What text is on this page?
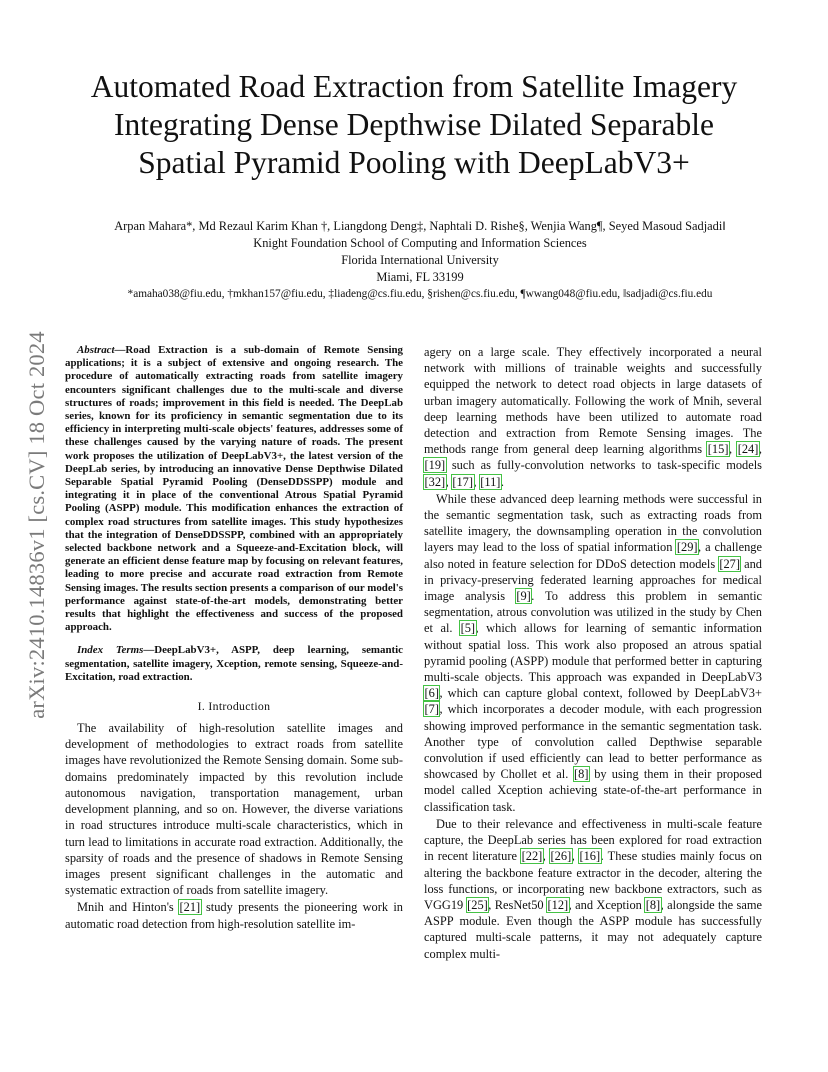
arXiv:2410.14836v1 [cs.CV] 18 Oct 2024
Automated Road Extraction from Satellite Imagery
Integrating Dense Depthwise Dilated Separable
Spatial Pyramid Pooling with DeepLabV3+
Arpan Mahara*, Md Rezaul Karim Khan †, Liangdong Deng‡, Naphtali D. Rishe§, Wenjia Wang¶, Seyed Masoud Sadjadi‖
Knight Foundation School of Computing and Information Sciences
Florida International University
Miami, FL 33199
*amaha038@fiu.edu, †mkhan157@fiu.edu, ‡liadeng@cs.fiu.edu, §rishen@cs.fiu.edu, ¶wwang048@fiu.edu, ‖sadjadi@cs.fiu.edu

Abstract—Road Extraction is a sub-domain of Remote Sensing applications; it is a subject of extensive and ongoing research. The procedure of automatically extracting roads from satellite imagery encounters significant challenges due to the multi-scale and diverse structures of roads; improvement in this field is needed. The DeepLab series, known for its proficiency in semantic segmentation due to its efficiency in interpreting multi-scale objects' features, addresses some of these challenges caused by the varying nature of roads. The present work proposes the utilization of DeepLabV3+, the latest version of the DeepLab series, by introducing an innovative Dense Depthwise Dilated Separable Spatial Pyramid Pooling (DenseDDSSPP) module and integrating it in place of the conventional Atrous Spatial Pyramid Pooling (ASPP) module. This modification enhances the extraction of complex road structures from satellite images. This study hypothesizes that the integration of DenseDDSSPP, combined with an appropriately selected backbone network and a Squeeze-and-Excitation block, will generate an efficient dense feature map by focusing on relevant features, leading to more precise and accurate road extraction from Remote Sensing images. The results section presents a comparison of our model's performance against state-of-the-art models, demonstrating better results that highlight the effectiveness and success of the proposed approach.

Index Terms—DeepLabV3+, ASPP, deep learning, semantic segmentation, satellite imagery, Xception, remote sensing, Squeeze-and-Excitation, road extraction.

I. Introduction

The availability of high-resolution satellite images and development of methodologies to extract roads from satellite images have revolutionized the Remote Sensing domain. Some sub-domains predominately impacted by this revolution include autonomous navigation, transportation management, urban development planning, and so on. However, the diverse variations in road structures introduce multi-scale characteristics, which in turn lead to limitations in accurate road extraction. Additionally, the sparsity of roads and the presence of shadows in Remote Sensing images present significant challenges in the automatic and systematic extraction of roads from satellite imagery.

Mnih and Hinton's [21] study presents the pioneering work in automatic road detection from high-resolution satellite im-

agery on a large scale. They effectively incorporated a neural network with millions of trainable weights and successfully equipped the network to detect road objects in large datasets of urban imagery automatically. Following the work of Mnih, several deep learning methods have been utilized to automate road detection and extraction from Remote Sensing images. The methods range from general deep learning algorithms [15], [24], [19] such as fully-convolution networks to task-specific models [32], [17], [11].

While these advanced deep learning methods were successful in the semantic segmentation task, such as extracting roads from satellite imagery, the downsampling operation in the convolution layers may lead to the loss of spatial information [29], a challenge also noted in feature selection for DDoS detection models [27] and in privacy-preserving federated learning approaches for medical image analysis [9]. To address this problem in semantic segmentation, atrous convolution was utilized in the study by Chen et al. [5], which allows for learning of semantic information without spatial loss. This work also proposed an atrous spatial pyramid pooling (ASPP) module that performed better in capturing multi-scale objects. This approach was expanded in DeepLabV3 [6], which can capture global context, followed by DeepLabV3+ [7], which incorporates a decoder module, with each progression showing improved performance in the semantic segmentation task. Another type of convolution called Depthwise separable convolution if used efficiently can lead to better performance as showcased by Chollet et al. [8] by using them in their proposed model called Xception achieving state-of-the-art performance in classification task.

Due to their relevance and effectiveness in multi-scale feature capture, the DeepLab series has been explored for road extraction in recent literature [22], [26], [16]. These studies mainly focus on altering the backbone feature extractor in the decoder, altering the loss functions, or incorporating new backbone extractors, such as VGG19 [25], ResNet50 [12], and Xception [8], alongside the same ASPP module. Even though the ASPP module has successfully captured multi-scale patterns, it may not adequately capture complex multi-
